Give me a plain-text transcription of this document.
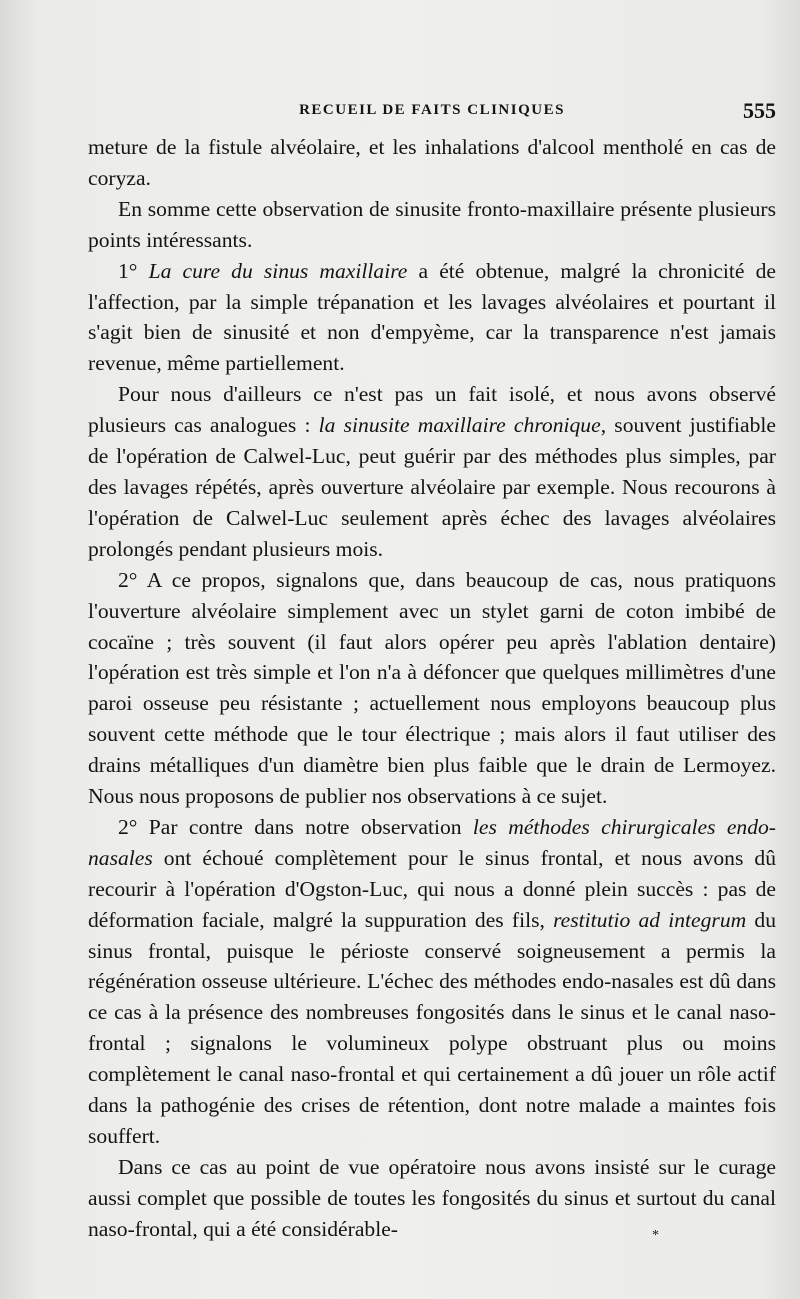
RECUEIL DE FAITS CLINIQUES	555

meture de la fistule alvéolaire, et les inhalations d'alcool mentholé en cas de coryza.

En somme cette observation de sinusite fronto-maxillaire présente plusieurs points intéressants.

1° La cure du sinus maxillaire a été obtenue, malgré la chronicité de l'affection, par la simple trépanation et les lavages alvéolaires et pourtant il s'agit bien de sinusité et non d'empyème, car la transparence n'est jamais revenue, même partiellement.

Pour nous d'ailleurs ce n'est pas un fait isolé, et nous avons observé plusieurs cas analogues : la sinusite maxillaire chronique, souvent justifiable de l'opération de Calwel-Luc, peut guérir par des méthodes plus simples, par des lavages répétés, après ouverture alvéolaire par exemple. Nous recourons à l'opération de Calwel-Luc seulement après échec des lavages alvéolaires prolongés pendant plusieurs mois.

2° A ce propos, signalons que, dans beaucoup de cas, nous pratiquons l'ouverture alvéolaire simplement avec un stylet garni de coton imbibé de cocaïne ; très souvent (il faut alors opérer peu après l'ablation dentaire) l'opération est très simple et l'on n'a à défoncer que quelques millimètres d'une paroi osseuse peu résistante ; actuellement nous employons beaucoup plus souvent cette méthode que le tour électrique ; mais alors il faut utiliser des drains métalliques d'un diamètre bien plus faible que le drain de Lermoyez. Nous nous proposons de publier nos observations à ce sujet.

2° Par contre dans notre observation les méthodes chirurgicales endo-nasales ont échoué complètement pour le sinus frontal, et nous avons dû recourir à l'opération d'Ogston-Luc, qui nous a donné plein succès : pas de déformation faciale, malgré la suppuration des fils, restitutio ad integrum du sinus frontal, puisque le périoste conservé soigneusement a permis la régénération osseuse ultérieure. L'échec des méthodes endo-nasales est dû dans ce cas à la présence des nombreuses fongosités dans le sinus et le canal naso-frontal ; signalons le volumineux polype obstruant plus ou moins complètement le canal naso-frontal et qui certainement a dû jouer un rôle actif dans la pathogénie des crises de rétention, dont notre malade a maintes fois souffert.

Dans ce cas au point de vue opératoire nous avons insisté sur le curage aussi complet que possible de toutes les fongosités du sinus et surtout du canal naso-frontal, qui a été considérable-	*
